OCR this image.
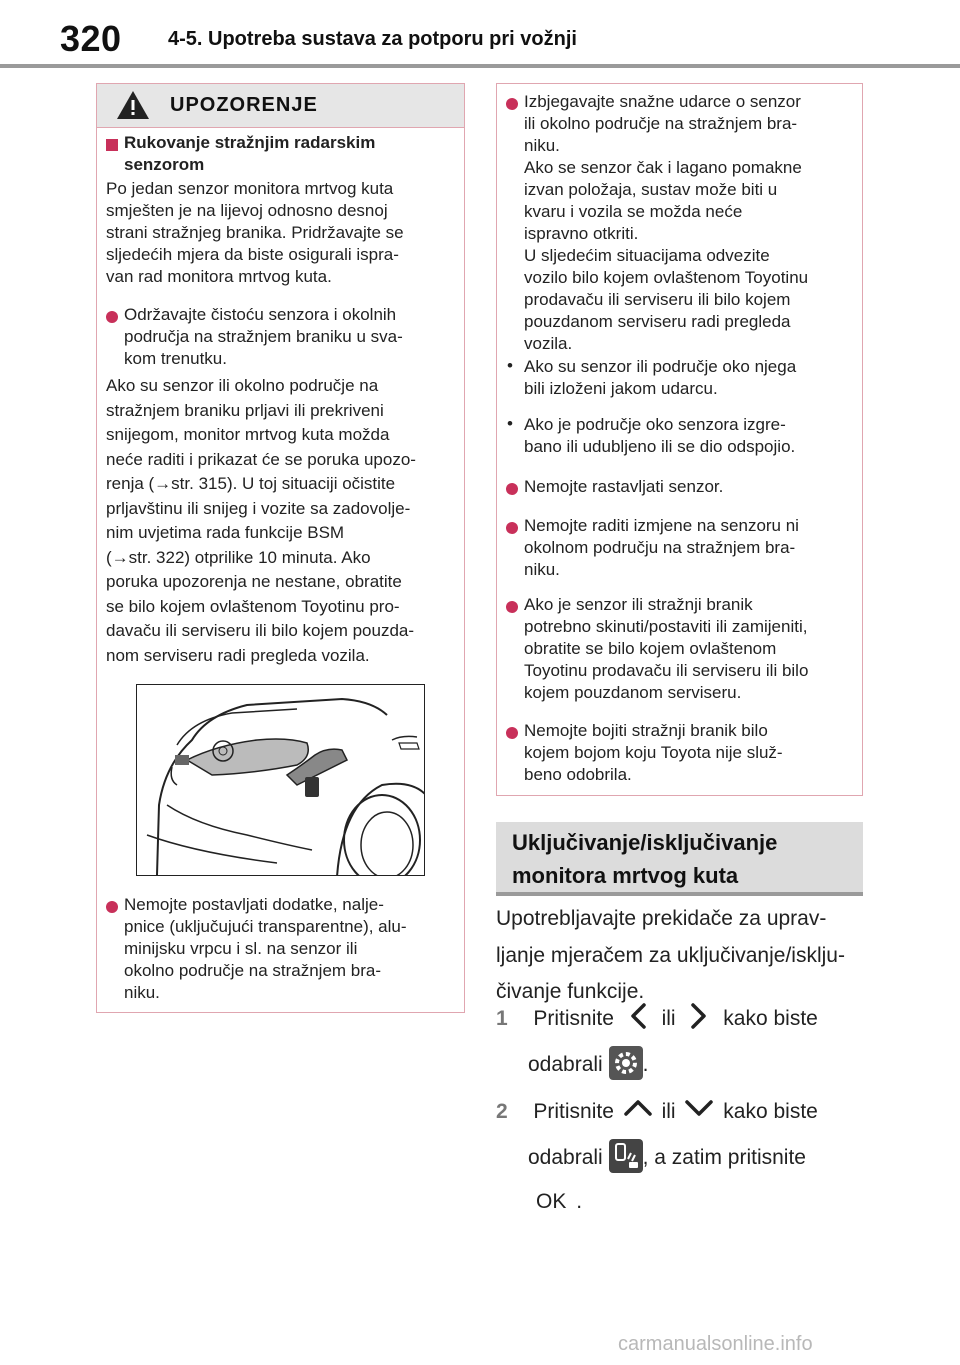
320 4-5. Upotreba sustava za potporu pri vožnji
UPOZORENJE
Rukovanje stražnjim radarskim
senzorom
Po jedan senzor monitora mrtvog kuta
smješten je na lijevoj odnosno desnoj
strani stražnjeg branika. Pridržavajte se
sljedećih mjera da biste osigurali ispra-
van rad monitora mrtvog kuta.
Održavajte čistoću senzora i okolnih
područja na stražnjem braniku u sva-
kom trenutku.
Ako su senzor ili okolno područje na
stražnjem braniku prljavi ili prekriveni
snijegom, monitor mrtvog kuta možda
neće raditi i prikazat će se poruka upozo-
renja (→str. 315). U toj situaciji očistite
prljavštinu ili snijeg i vozite sa zadovolje-
nim uvjetima rada funkcije BSM
(→str. 322) otprilike 10 minuta. Ako
poruka upozorenja ne nestane, obratite
se bilo kojem ovlaštenom Toyotinu pro-
davaču ili serviseru ili bilo kojem pouzda-
nom serviseru radi pregleda vozila.
Nemojte postavljati dodatke, nalje-
pnice (uključujući transparentne), alu-
minijsku vrpcu i sl. na senzor ili
okolno područje na stražnjem bra-
niku.
Izbjegavajte snažne udarce o senzor
ili okolno područje na stražnjem bra-
niku.
Ako se senzor čak i lagano pomakne
izvan položaja, sustav može biti u
kvaru i vozila se možda neće
ispravno otkriti.
U sljedećim situacijama odvezite
vozilo bilo kojem ovlaštenom Toyotinu
prodavaču ili serviseru ili bilo kojem
pouzdanom serviseru radi pregleda
vozila.
• Ako su senzor ili područje oko njega
bili izloženi jakom udarcu.
• Ako je područje oko senzora izgre-
bano ili udubljeno ili se dio odspojio.
Nemojte rastavljati senzor.
Nemojte raditi izmjene na senzoru ni
okolnom području na stražnjem bra-
niku.
Ako je senzor ili stražnji branik
potrebno skinuti/postaviti ili zamijeniti,
obratite se bilo kojem ovlaštenom
Toyotinu prodavaču ili serviseru ili bilo
kojem pouzdanom serviseru.
Nemojte bojiti stražnji branik bilo
kojem bojom koju Toyota nije služ-
beno odobrila.
Uključivanje/isključivanje
monitora mrtvog kuta
Upotrebljavajte prekidače za uprav-
ljanje mjeračem za uključivanje/isklju-
čivanje funkcije.
1 Pritisnite ili kako biste
odabrali .
2 Pritisnite ili kako biste
odabrali , a zatim pritisnite
OK .
carmanualsonline.info
